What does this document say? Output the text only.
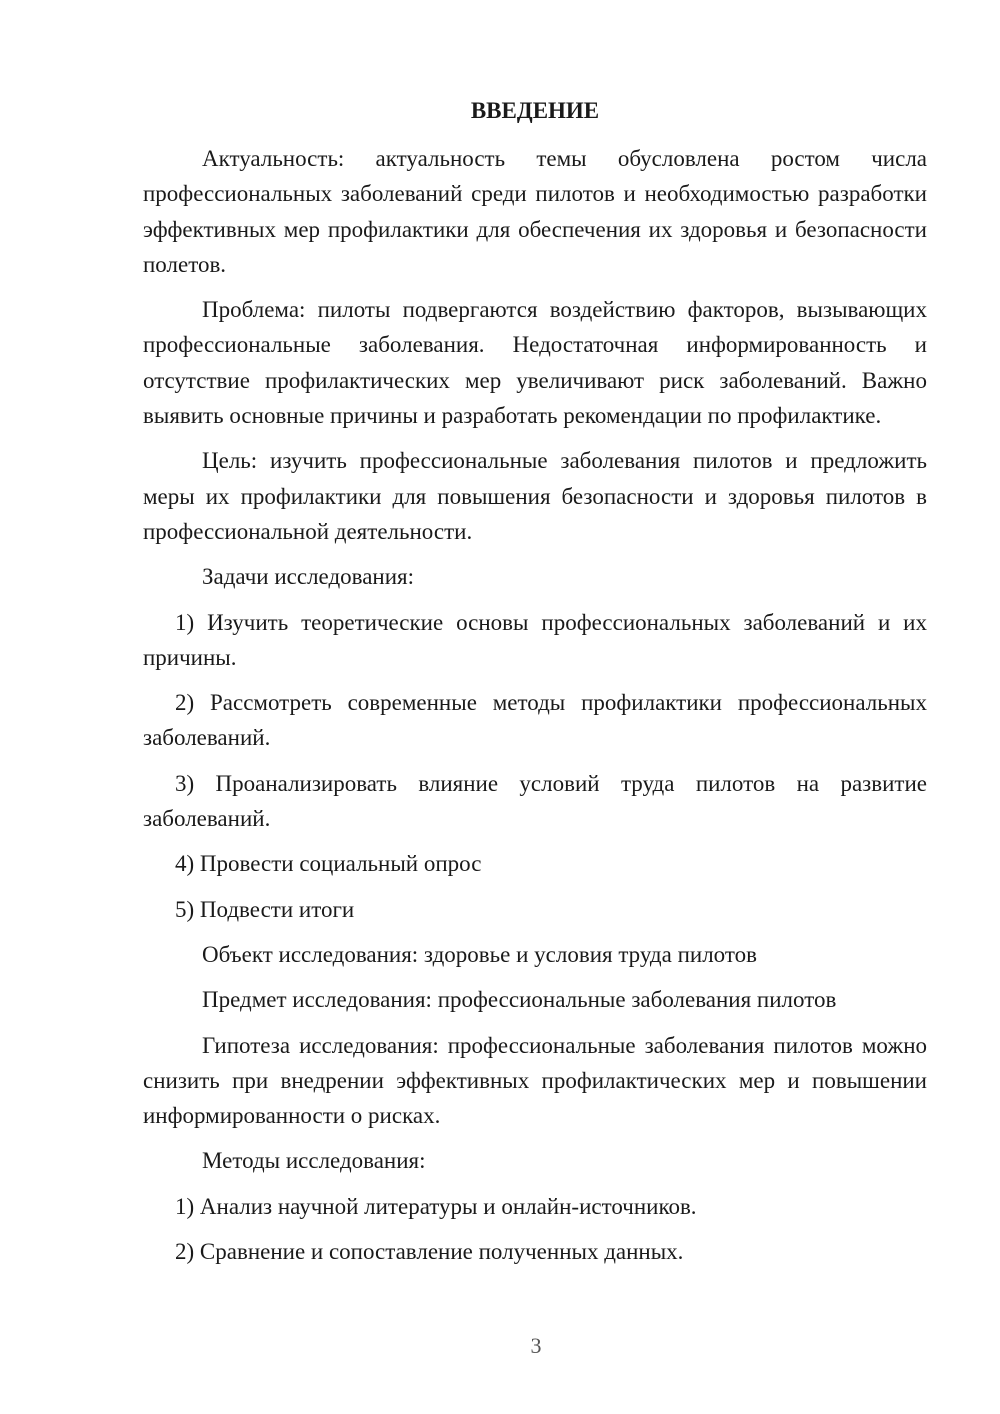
ВВЕДЕНИЕ
Актуальность: актуальность темы обусловлена ростом числа профессиональных заболеваний среди пилотов и необходимостью разработки эффективных мер профилактики для обеспечения их здоровья и безопасности полетов.
Проблема: пилоты подвергаются воздействию факторов, вызывающих профессиональные заболевания. Недостаточная информированность и отсутствие профилактических мер увеличивают риск заболеваний. Важно выявить основные причины и разработать рекомендации по профилактике.
Цель: изучить профессиональные заболевания пилотов и предложить меры их профилактики для повышения безопасности и здоровья пилотов в профессиональной деятельности.
Задачи исследования:
1) Изучить теоретические основы профессиональных заболеваний и их причины.
2) Рассмотреть современные методы профилактики профессиональных заболеваний.
3) Проанализировать влияние условий труда пилотов на развитие заболеваний.
4) Провести социальный опрос
5) Подвести итоги
Объект исследования: здоровье и условия труда пилотов
Предмет исследования: профессиональные заболевания пилотов
Гипотеза исследования: профессиональные заболевания пилотов можно снизить при внедрении эффективных профилактических мер и повышении информированности о рисках.
Методы исследования:
1) Анализ научной литературы и онлайн-источников.
2) Сравнение и сопоставление полученных данных.
3
